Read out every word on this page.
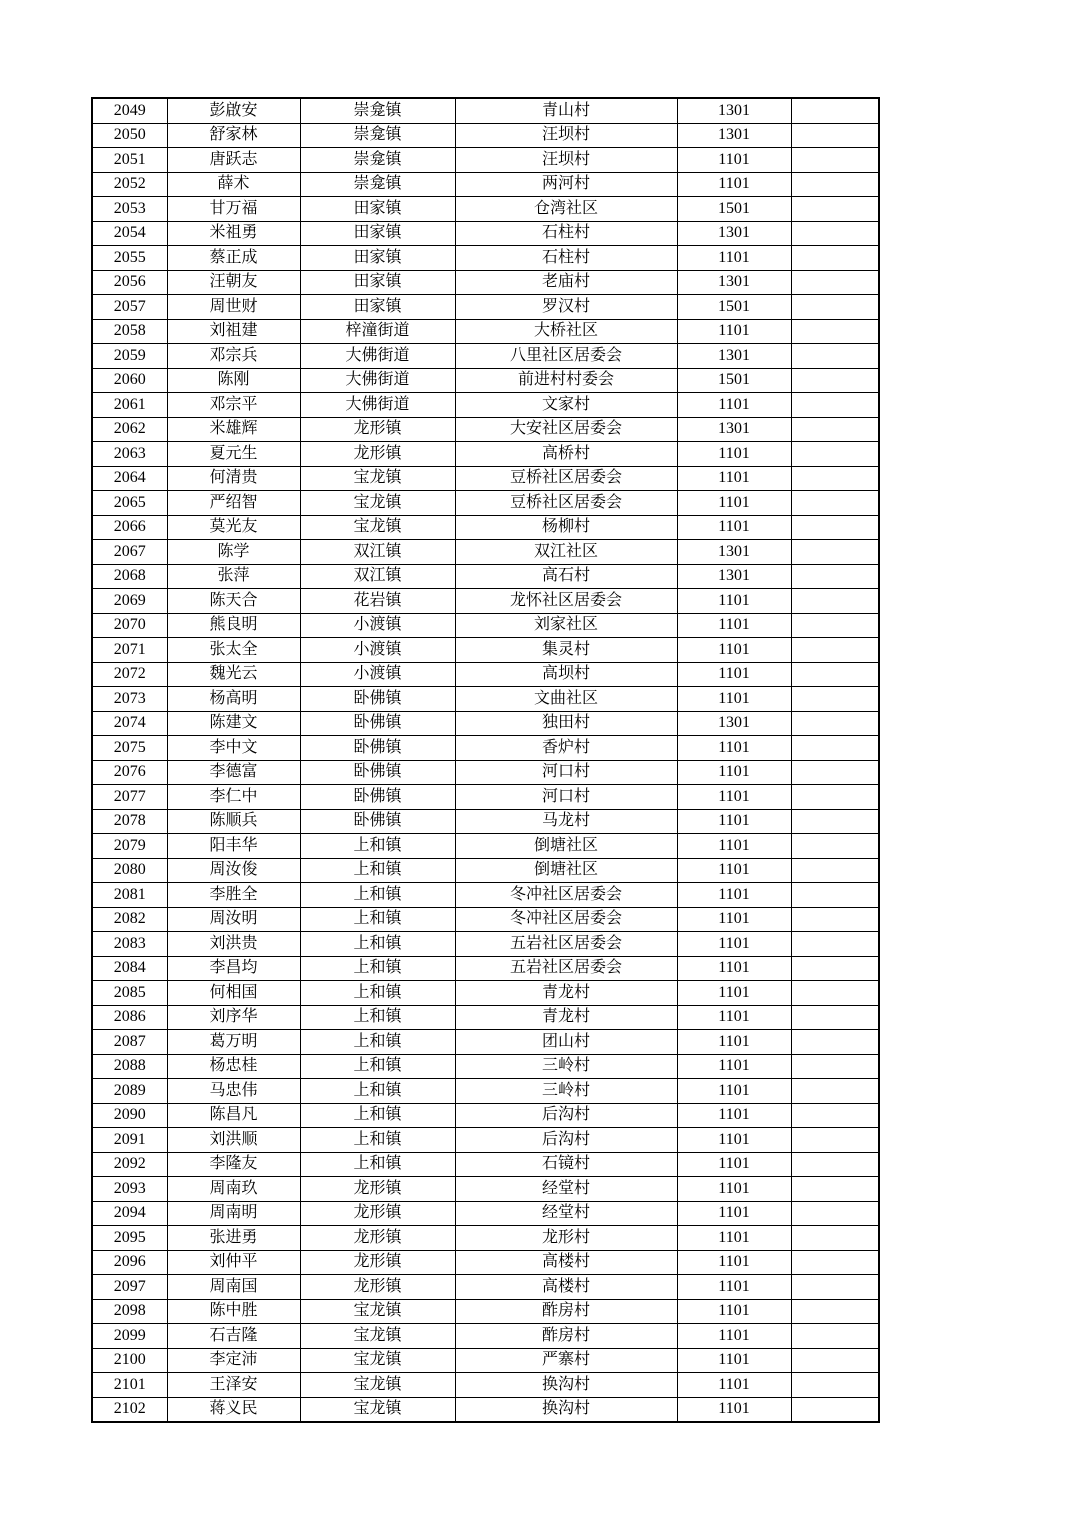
2049	彭啟安	崇龛镇	青山村	1301	
2050	舒家林	崇龛镇	汪坝村	1301	
2051	唐跃志	崇龛镇	汪坝村	1101	
2052	薛术	崇龛镇	两河村	1101	
2053	甘万福	田家镇	仓湾社区	1501	
2054	米祖勇	田家镇	石柱村	1301	
2055	蔡正成	田家镇	石柱村	1101	
2056	汪朝友	田家镇	老庙村	1301	
2057	周世财	田家镇	罗汉村	1501	
2058	刘祖建	梓潼街道	大桥社区	1101	
2059	邓宗兵	大佛街道	八里社区居委会	1301	
2060	陈刚	大佛街道	前进村村委会	1501	
2061	邓宗平	大佛街道	文家村	1101	
2062	米雄辉	龙形镇	大安社区居委会	1301	
2063	夏元生	龙形镇	高桥村	1101	
2064	何清贵	宝龙镇	豆桥社区居委会	1101	
2065	严绍智	宝龙镇	豆桥社区居委会	1101	
2066	莫光友	宝龙镇	杨柳村	1101	
2067	陈学	双江镇	双江社区	1301	
2068	张萍	双江镇	高石村	1301	
2069	陈天合	花岩镇	龙怀社区居委会	1101	
2070	熊良明	小渡镇	刘家社区	1101	
2071	张太全	小渡镇	集灵村	1101	
2072	魏光云	小渡镇	高坝村	1101	
2073	杨高明	卧佛镇	文曲社区	1101	
2074	陈建文	卧佛镇	独田村	1301	
2075	李中文	卧佛镇	香炉村	1101	
2076	李德富	卧佛镇	河口村	1101	
2077	李仁中	卧佛镇	河口村	1101	
2078	陈顺兵	卧佛镇	马龙村	1101	
2079	阳丰华	上和镇	倒塘社区	1101	
2080	周汝俊	上和镇	倒塘社区	1101	
2081	李胜全	上和镇	冬冲社区居委会	1101	
2082	周汝明	上和镇	冬冲社区居委会	1101	
2083	刘洪贵	上和镇	五岩社区居委会	1101	
2084	李昌均	上和镇	五岩社区居委会	1101	
2085	何相国	上和镇	青龙村	1101	
2086	刘序华	上和镇	青龙村	1101	
2087	葛万明	上和镇	团山村	1101	
2088	杨忠桂	上和镇	三岭村	1101	
2089	马忠伟	上和镇	三岭村	1101	
2090	陈昌凡	上和镇	后沟村	1101	
2091	刘洪顺	上和镇	后沟村	1101	
2092	李隆友	上和镇	石镜村	1101	
2093	周南玖	龙形镇	经堂村	1101	
2094	周南明	龙形镇	经堂村	1101	
2095	张进勇	龙形镇	龙形村	1101	
2096	刘仲平	龙形镇	高楼村	1101	
2097	周南国	龙形镇	高楼村	1101	
2098	陈中胜	宝龙镇	酢房村	1101	
2099	石吉隆	宝龙镇	酢房村	1101	
2100	李定沛	宝龙镇	严寨村	1101	
2101	王泽安	宝龙镇	换沟村	1101	
2102	蒋义民	宝龙镇	换沟村	1101	
